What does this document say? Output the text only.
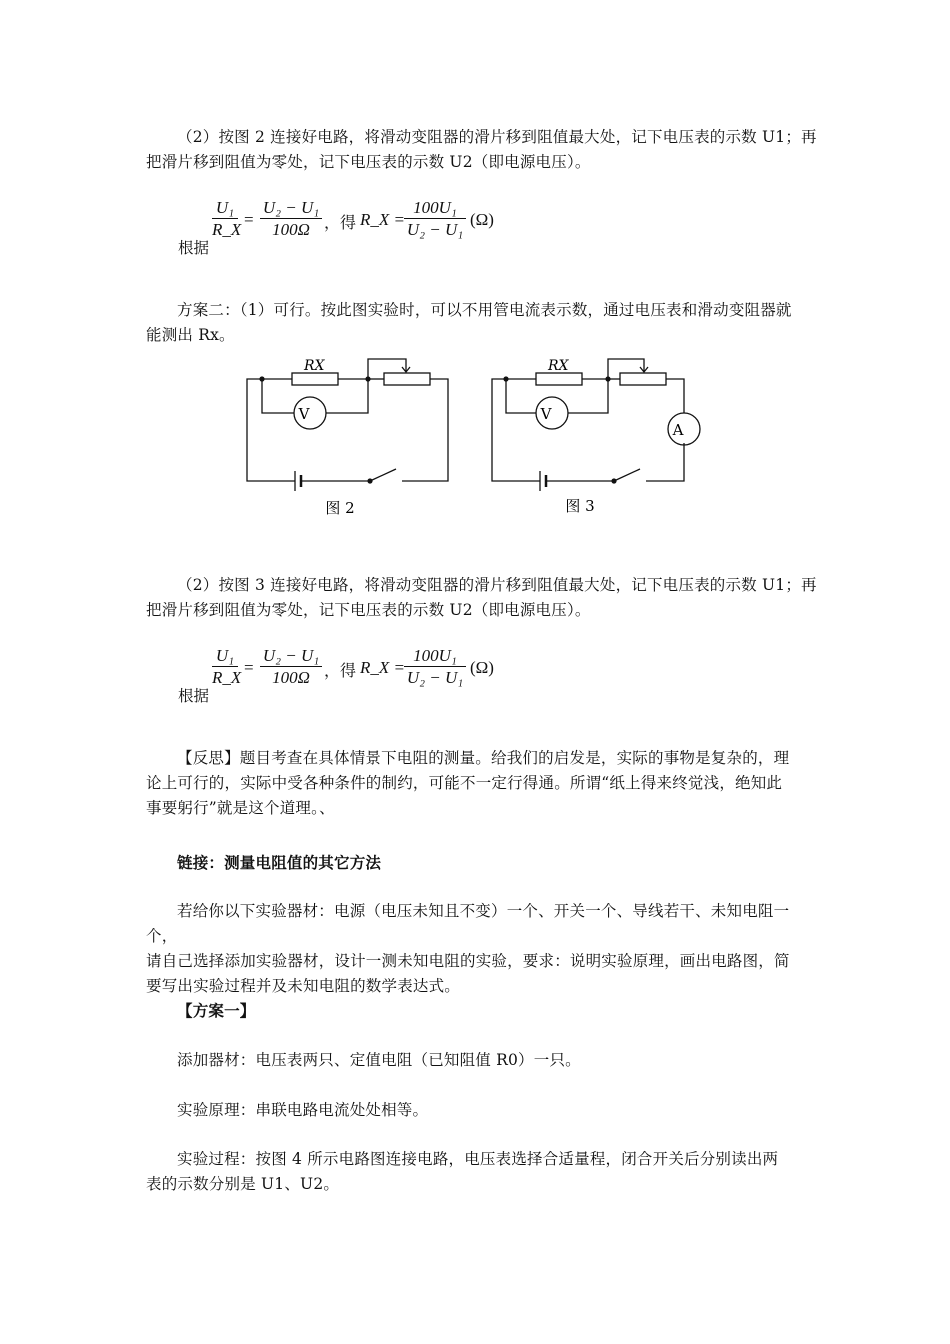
（2）按图 2 连接好电路，将滑动变阻器的滑片移到阻值最大处，记下电压表的示数 U1；再
把滑片移到阻值为零处，记下电压表的示数 U2（即电源电压）。
根据
U₁
R_X
=
U₂ − U₁
100Ω ，得 R_X =
100U₁
U₂ − U₁
(Ω)
方案二：（1）可行。按此图实验时，可以不用管电流表示数，通过电压表和滑动变阻器就
能测出 Rx。
RX
V
图 2
RX
V
A
图 3
（2）按图 3 连接好电路，将滑动变阻器的滑片移到阻值最大处，记下电压表的示数 U1；再
把滑片移到阻值为零处，记下电压表的示数 U2（即电源电压）。
根据
U₁
R_X
=
U₂ − U₁
100Ω ，得 R_X =
100U₁
U₂ − U₁
(Ω)
【反思】题目考查在具体情景下电阻的测量。给我们的启发是，实际的事物是复杂的，理
论上可行的，实际中受各种条件的制约，可能不一定行得通。所谓“纸上得来终觉浅，绝知此
事要躬行”就是这个道理。、
链接：测量电阻值的其它方法
若给你以下实验器材：电源（电压未知且不变）一个、开关一个、导线若干、未知电阻一个，
请自己选择添加实验器材，设计一测未知电阻的实验，要求：说明实验原理，画出电路图，简
要写出实验过程并及未知电阻的数学表达式。
【方案一】
添加器材：电压表两只、定值电阻（已知阻值 R0）一只。
实验原理：串联电路电流处处相等。
实验过程：按图 4 所示电路图连接电路，电压表选择合适量程，闭合开关后分别读出两
表的示数分别是 U1、U2。
